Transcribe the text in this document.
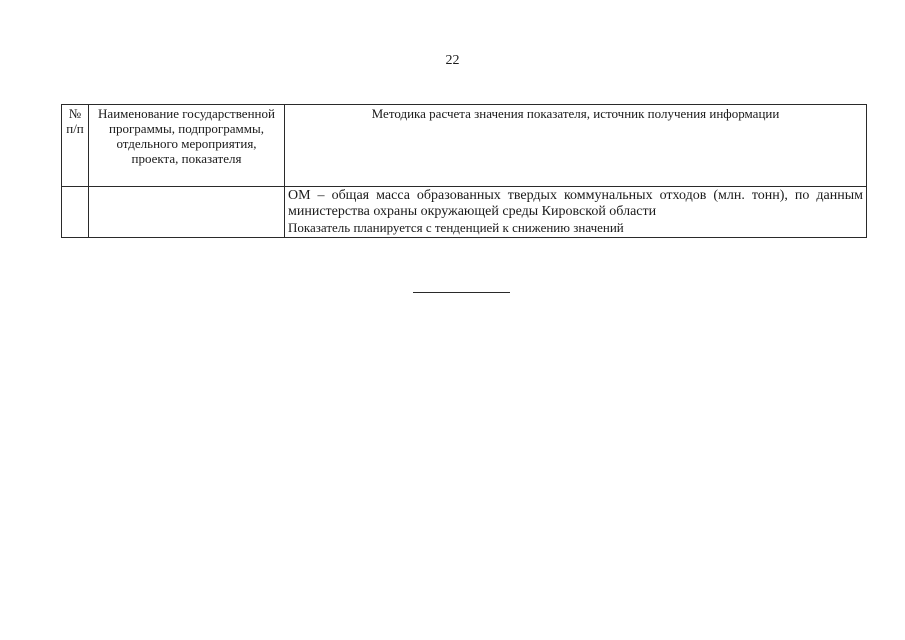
22
№ п/п	Наименование государственной программы, подпрограммы, отдельного мероприятия, проекта, показателя	Методика расчета значения показателя, источник получения информации

		ОМ – общая масса образованных твердых коммунальных отходов (млн. тонн), по данным министерства охраны окружающей среды Кировской области
Показатель планируется с тенденцией к снижению значений
